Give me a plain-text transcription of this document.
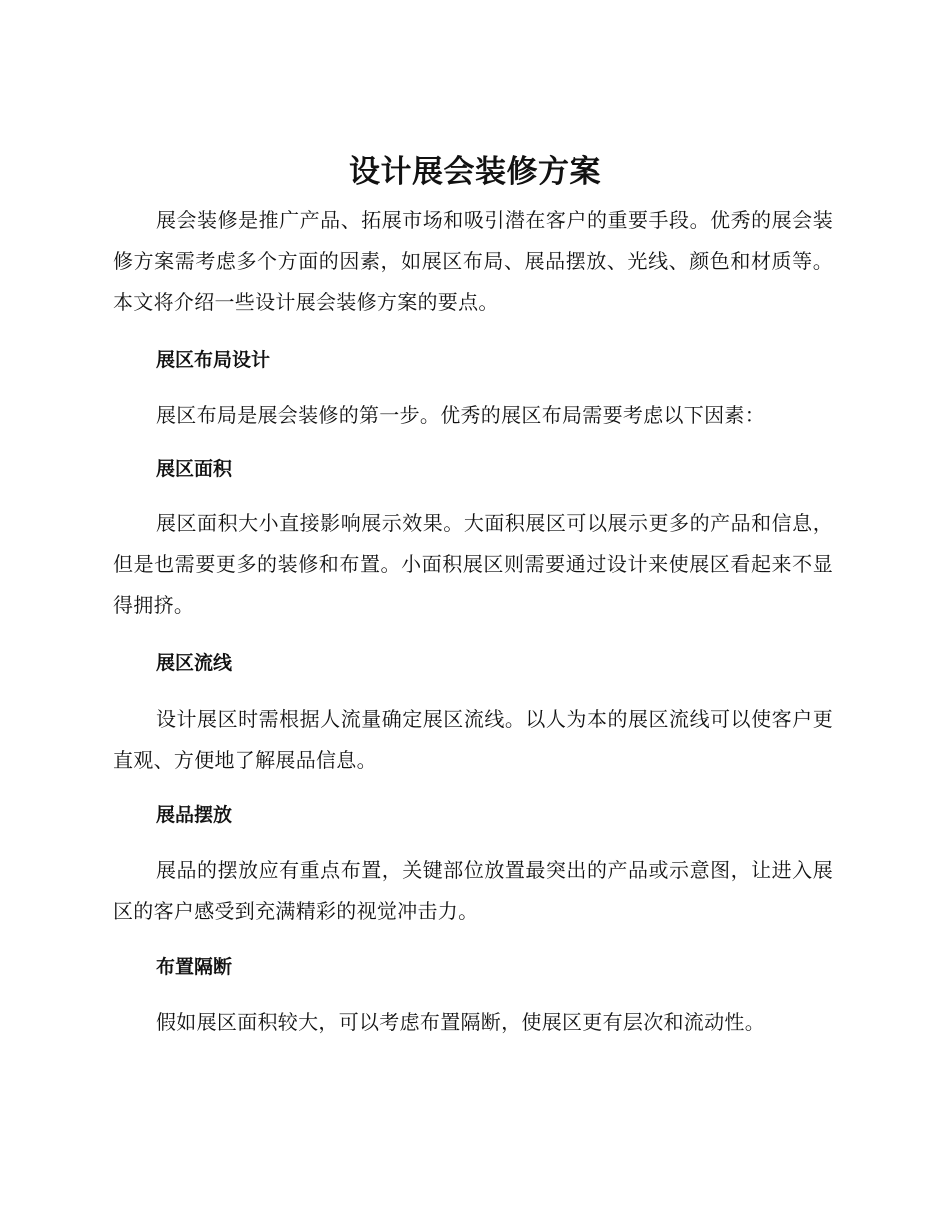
设计展会装修方案

展会装修是推广产品、拓展市场和吸引潜在客户的重要手段。优秀的展会装修方案需考虑多个方面的因素，如展区布局、展品摆放、光线、颜色和材质等。本文将介绍一些设计展会装修方案的要点。

展区布局设计

展区布局是展会装修的第一步。优秀的展区布局需要考虑以下因素：

展区面积

展区面积大小直接影响展示效果。大面积展区可以展示更多的产品和信息，但是也需要更多的装修和布置。小面积展区则需要通过设计来使展区看起来不显得拥挤。

展区流线

设计展区时需根据人流量确定展区流线。以人为本的展区流线可以使客户更直观、方便地了解展品信息。

展品摆放

展品的摆放应有重点布置，关键部位放置最突出的产品或示意图，让进入展区的客户感受到充满精彩的视觉冲击力。

布置隔断

假如展区面积较大，可以考虑布置隔断，使展区更有层次和流动性。
